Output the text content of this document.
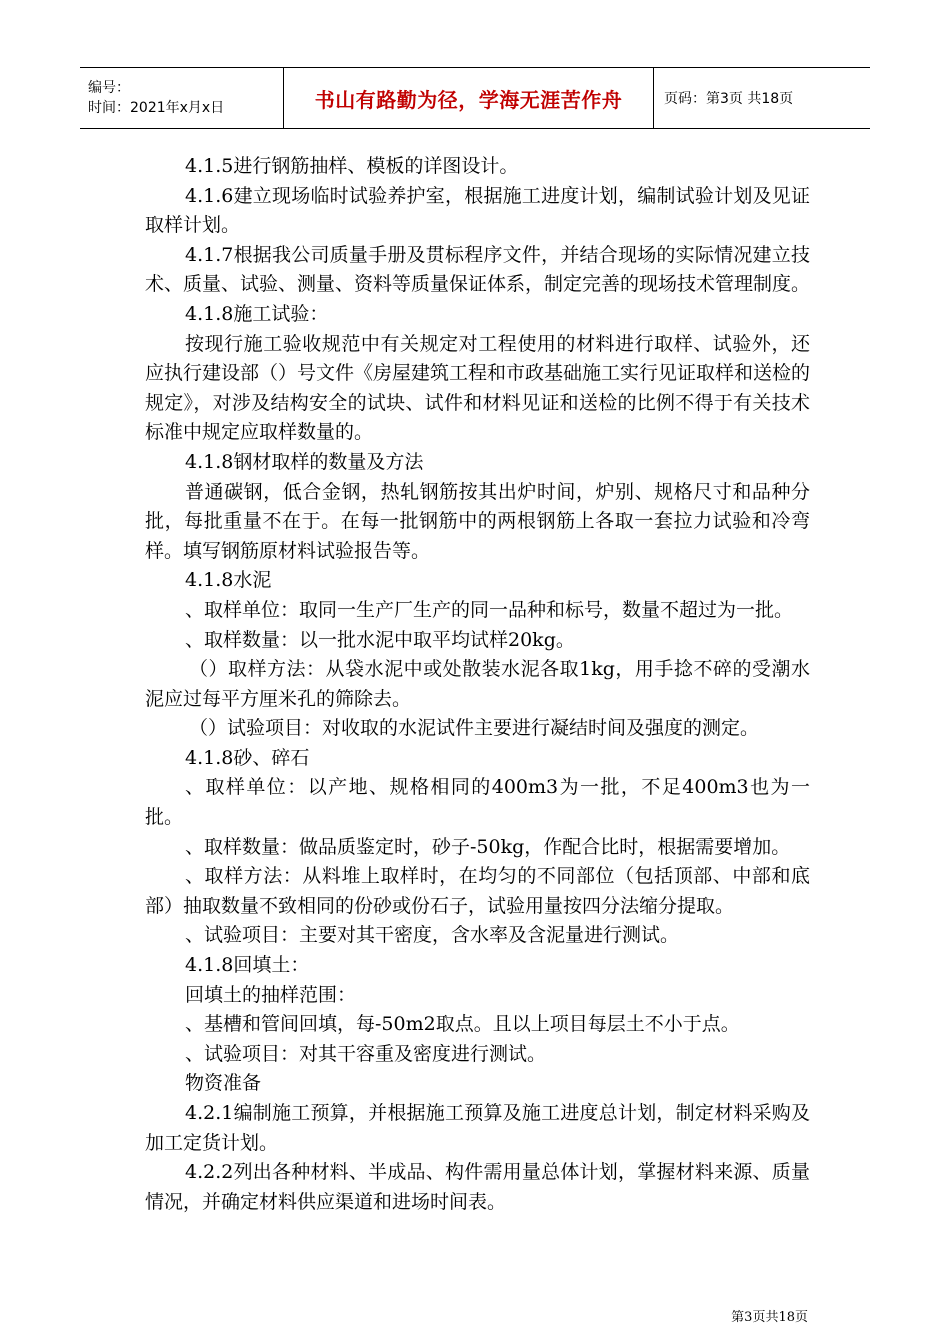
编号：
时间：2021年x月x日	书山有路勤为径，学海无涯苦作舟	页码：第3页 共18页

4.1.5进行钢筋抽样、模板的详图设计。

4.1.6建立现场临时试验养护室，根据施工进度计划，编制试验计划及见证取样计划。

4.1.7根据我公司质量手册及贯标程序文件，并结合现场的实际情况建立技术、质量、试验、测量、资料等质量保证体系，制定完善的现场技术管理制度。

4.1.8施工试验：

按现行施工验收规范中有关规定对工程使用的材料进行取样、试验外，还应执行建设部（）号文件《房屋建筑工程和市政基础施工实行见证取样和送检的规定》，对涉及结构安全的试块、试件和材料见证和送检的比例不得于有关技术标准中规定应取样数量的。

4.1.8钢材取样的数量及方法

普通碳钢，低合金钢，热轧钢筋按其出炉时间，炉别、规格尺寸和品种分批，每批重量不在于。在每一批钢筋中的两根钢筋上各取一套拉力试验和冷弯样。填写钢筋原材料试验报告等。

4.1.8水泥

、取样单位：取同一生产厂生产的同一品种和标号，数量不超过为一批。

、取样数量：以一批水泥中取平均试样20kg。

（）取样方法：从袋水泥中或处散装水泥各取1kg，用手捻不碎的受潮水泥应过每平方厘米孔的筛除去。

（）试验项目：对收取的水泥试件主要进行凝结时间及强度的测定。

4.1.8砂、碎石

、取样单位：以产地、规格相同的400m3为一批，不足400m3也为一批。

、取样数量：做品质鉴定时，砂子-50kg，作配合比时，根据需要增加。

、取样方法：从料堆上取样时，在均匀的不同部位（包括顶部、中部和底部）抽取数量不致相同的份砂或份石子，试验用量按四分法缩分提取。

、试验项目：主要对其干密度，含水率及含泥量进行测试。

4.1.8回填土：

回填土的抽样范围：

、基槽和管间回填，每-50m2取点。且以上项目每层土不小于点。

、试验项目：对其干容重及密度进行测试。

物资准备

4.2.1编制施工预算，并根据施工预算及施工进度总计划，制定材料采购及加工定货计划。

4.2.2列出各种材料、半成品、构件需用量总体计划，掌握材料来源、质量情况，并确定材料供应渠道和进场时间表。

第3页共18页
